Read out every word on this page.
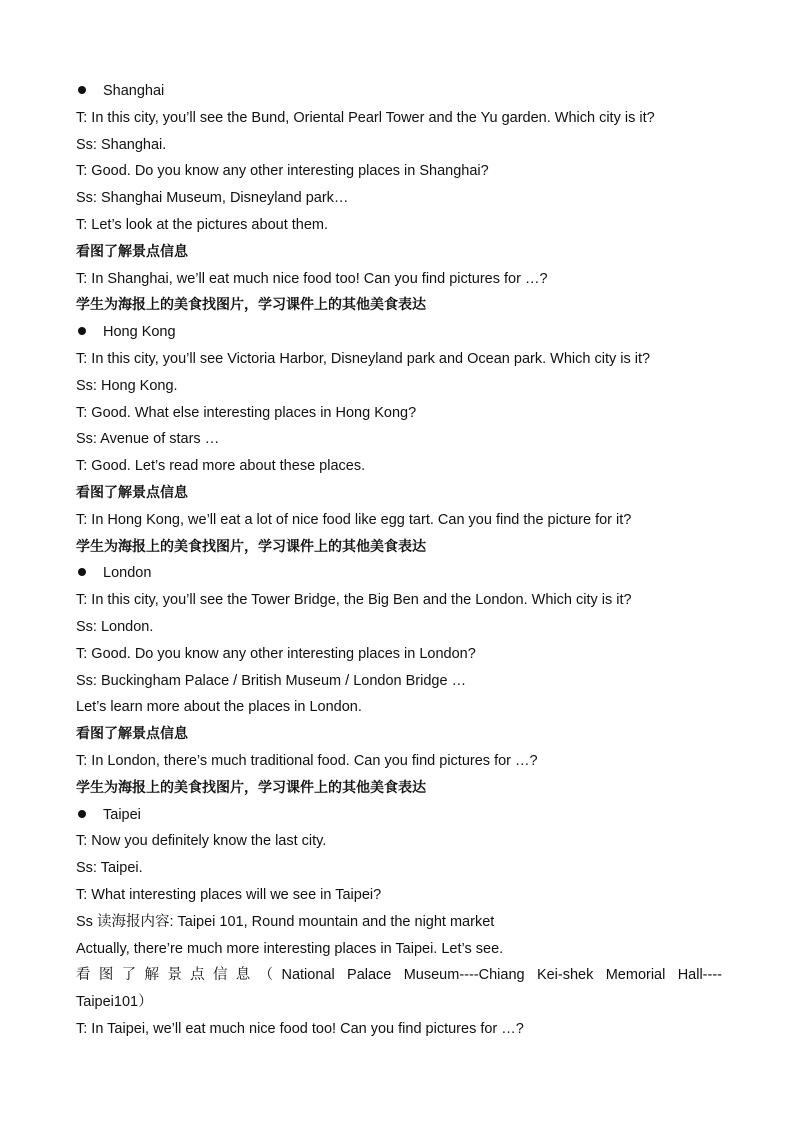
Shanghai
T: In this city, you’ll see the Bund, Oriental Pearl Tower and the Yu garden. Which city is it?
Ss: Shanghai.
T: Good. Do you know any other interesting places in Shanghai?
Ss: Shanghai Museum, Disneyland park…
T: Let’s look at the pictures about them.
看图了解景点信息
T: In Shanghai, we’ll eat much nice food too! Can you find pictures for …?
学生为海报上的美食找图片，学习课件上的其他美食表达
Hong Kong
T: In this city, you’ll see Victoria Harbor, Disneyland park and Ocean park. Which city is it?
Ss: Hong Kong.
T: Good. What else interesting places in Hong Kong?
Ss: Avenue of stars …
T: Good. Let’s read more about these places.
看图了解景点信息
T: In Hong Kong, we’ll eat a lot of nice food like egg tart. Can you find the picture for it?
学生为海报上的美食找图片，学习课件上的其他美食表达
London
T: In this city, you’ll see the Tower Bridge, the Big Ben and the London. Which city is it?
Ss: London.
T: Good. Do you know any other interesting places in London?
Ss: Buckingham Palace / British Museum / London Bridge …
Let’s learn more about the places in London.
看图了解景点信息
T: In London, there’s much traditional food. Can you find pictures for …?
学生为海报上的美食找图片，学习课件上的其他美食表达
Taipei
T: Now you definitely know the last city.
Ss: Taipei.
T: What interesting places will we see in Taipei?
Ss 读海报内容: Taipei 101, Round mountain and the night market
Actually, there’re much more interesting places in Taipei. Let’s see.
看图了解景点信息（National Palace Museum----Chiang Kei-shek Memorial Hall----
Taipei101）
T: In Taipei, we’ll eat much nice food too! Can you find pictures for …?
